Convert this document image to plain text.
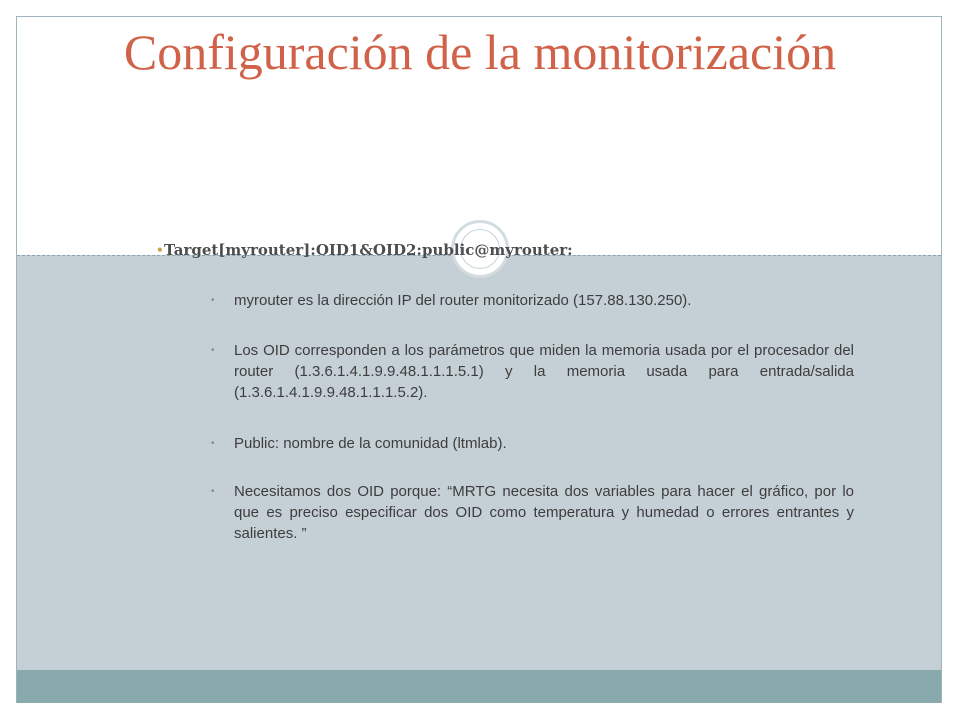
Configuración de la monitorización
• Target[myrouter]:OID1&OID2:public@myrouter:

• myrouter es la dirección IP del router monitorizado (157.88.130.250).

• Los OID corresponden a los parámetros que miden la memoria usada por el procesador del router (1.3.6.1.4.1.9.9.48.1.1.1.5.1) y la memoria usada para entrada/salida (1.3.6.1.4.1.9.9.48.1.1.1.5.2).

• Public: nombre de la comunidad (ltmlab).

• Necesitamos dos OID porque: “MRTG necesita dos variables para hacer el gráfico, por lo que es preciso especificar dos OID como temperatura y humedad o errores entrantes y salientes. ”
